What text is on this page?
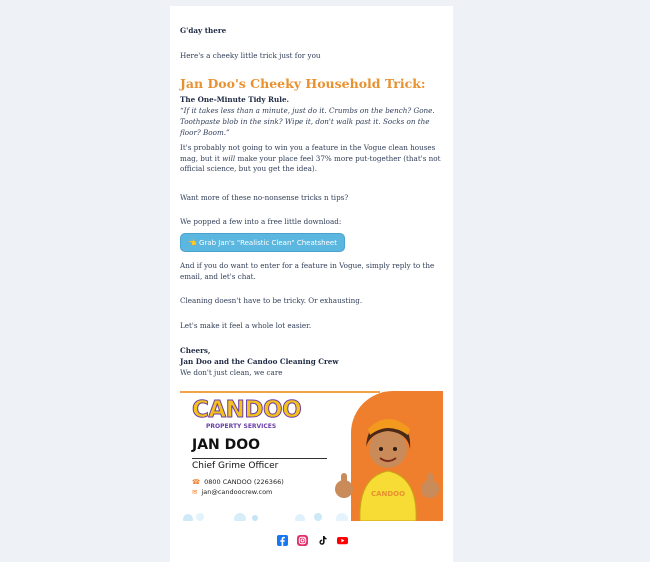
G'day there

Here's a cheeky little trick just for you

Jan Doo's Cheeky Household Trick:

The One-Minute Tidy Rule.

“If it takes less than a minute, just do it. Crumbs on the bench? Gone.

Toothpaste blob in the sink? Wipe it, don't walk past it. Socks on the floor? Boom.”

It's probably not going to win you a feature in the Vogue clean houses mag, but it will make your place feel 37% more put-together (that's not official science, but you get the idea).

Want more of these no-nonsense tricks n tips?

We popped a few into a free little download:

👈 Grab Jan's "Realistic Clean" Cheatsheet

And if you do want to enter for a feature in Vogue, simply reply to the email, and let's chat.

Cleaning doesn't have to be tricky. Or exhausting.

Let's make it feel a whole lot easier.

Cheers,

Jan Doo and the Candoo Cleaning Crew

We don't just clean, we care

CANDOO
PROPERTY SERVICES
JAN DOO
Chief Grime Officer
☎ 0800 CANDOO (226366)
✉ jan@candoocrew.com	CANDOO
